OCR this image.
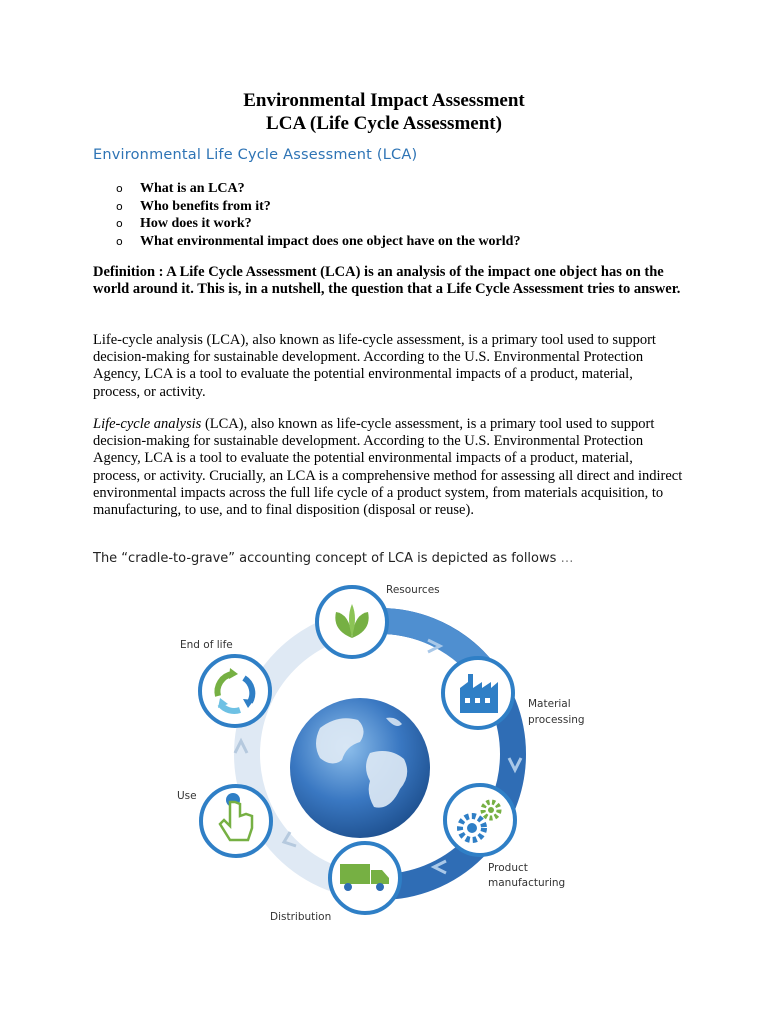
Environmental Impact Assessment
LCA (Life Cycle Assessment)
Environmental Life Cycle Assessment (LCA)
o What is an LCA?
o Who benefits from it?
o How does it work?
o What environmental impact does one object have on the world?
Definition : A Life Cycle Assessment (LCA) is an analysis of the impact one object has on the world around it. This is, in a nutshell, the question that a Life Cycle Assessment tries to answer.
Life-cycle analysis (LCA), also known as life-cycle assessment, is a primary tool used to support decision-making for sustainable development. According to the U.S. Environmental Protection Agency, LCA is a tool to evaluate the potential environmental impacts of a product, material, process, or activity.
Life-cycle analysis (LCA), also known as life-cycle assessment, is a primary tool used to support decision-making for sustainable development. According to the U.S. Environmental Protection Agency, LCA is a tool to evaluate the potential environmental impacts of a product, material, process, or activity. Crucially, an LCA is a comprehensive method for assessing all direct and indirect environmental impacts across the full life cycle of a product system, from materials acquisition, to manufacturing, to use, and to final disposition (disposal or reuse).
The “cradle-to-grave” accounting concept of LCA is depicted as follows …
Resources
Material
processing
Product
manufacturing
Distribution
Use
End of life
